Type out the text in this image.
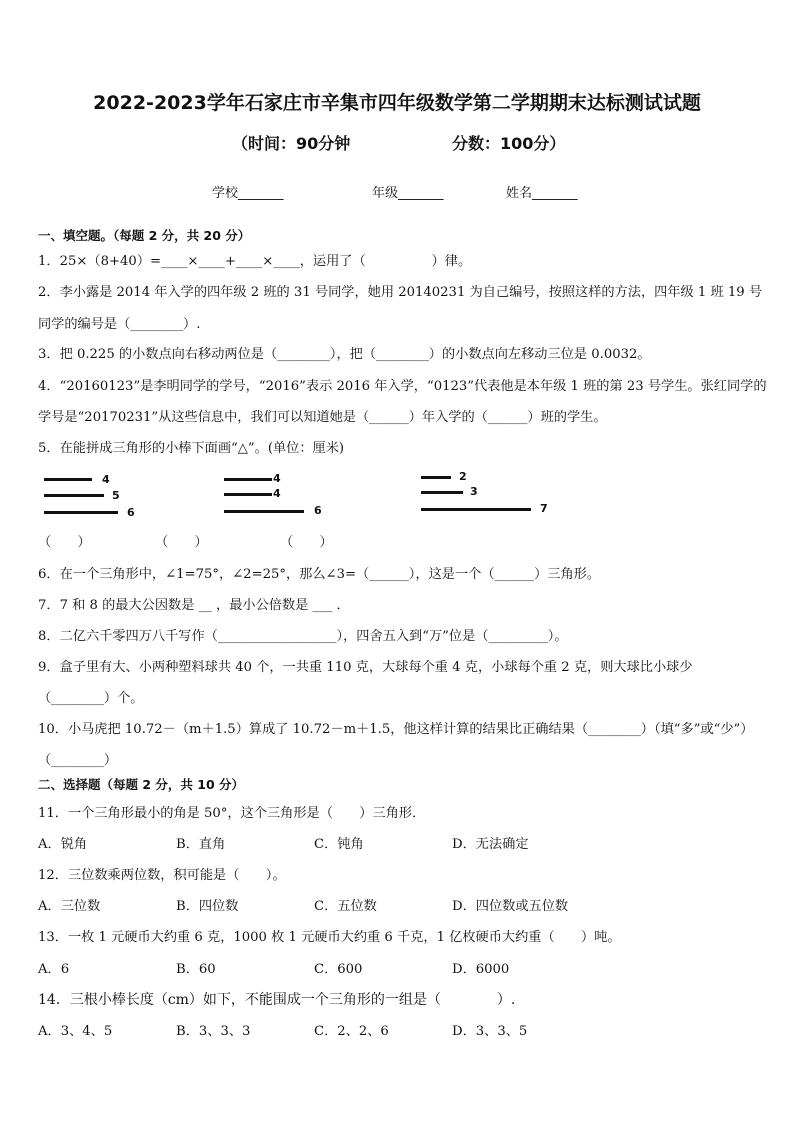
2022-2023学年石家庄市辛集市四年级数学第二学期期末达标测试试题
（时间：90分钟	分数：100分）
学校_______	年级_______	姓名_______
一、填空题。（每题 2 分，共 20 分）
1．25×（8+40）=____×____+____×____，运用了（　　　　　）律。
2．李小露是 2014 年入学的四年级 2 班的 31 号同学，她用 20140231 为自己编号，按照这样的方法，四年级 1 班 19 号
同学的编号是（________）.
3．把 0.225 的小数点向右移动两位是（________），把（________）的小数点向左移动三位是 0.0032。
4．“20160123”是李明同学的学号，“2016”表示 2016 年入学，“0123”代表他是本年级 1 班的第 23 号学生。张红同学的
学号是“20170231”从这些信息中，我们可以知道她是（______）年入学的（______）班的学生。
5．在能拼成三角形的小棒下面画“△”。(单位：厘米)
4
5
6
4
4
6
2
3
7
（　　）	（　　）	（　　）
6．在一个三角形中，∠1=75°，∠2=25°，那么∠3=（______），这是一个（______）三角形。
7．7 和 8 的最大公因数是 __ ，最小公倍数是 ___ ．
8．二亿六千零四万八千写作（__________________），四舍五入到“万”位是（_________）。
9．盒子里有大、小两种塑料球共 40 个，一共重 110 克，大球每个重 4 克，小球每个重 2 克，则大球比小球少
（________）个。
10．小马虎把 10.72－（m＋1.5）算成了 10.72－m＋1.5，他这样计算的结果比正确结果（________）（填“多”或“少”）
（________）
二、选择题（每题 2 分，共 10 分）
11．一个三角形最小的角是 50°，这个三角形是（　　）三角形．
A．锐角	B．直角	C．钝角	D．无法确定
12．三位数乘两位数，积可能是（　　）。
A．三位数	B．四位数	C．五位数	D．四位数或五位数
13．一枚 1 元硬币大约重 6 克，1000 枚 1 元硬币大约重 6 千克，1 亿枚硬币大约重（　　）吨。
A．6	B．60	C．600	D．6000
14．三根小棒长度（cm）如下，不能围成一个三角形的一组是（　　　　）.
A．3、4、5	B．3、3、3	C．2、2、6	D．3、3、5
